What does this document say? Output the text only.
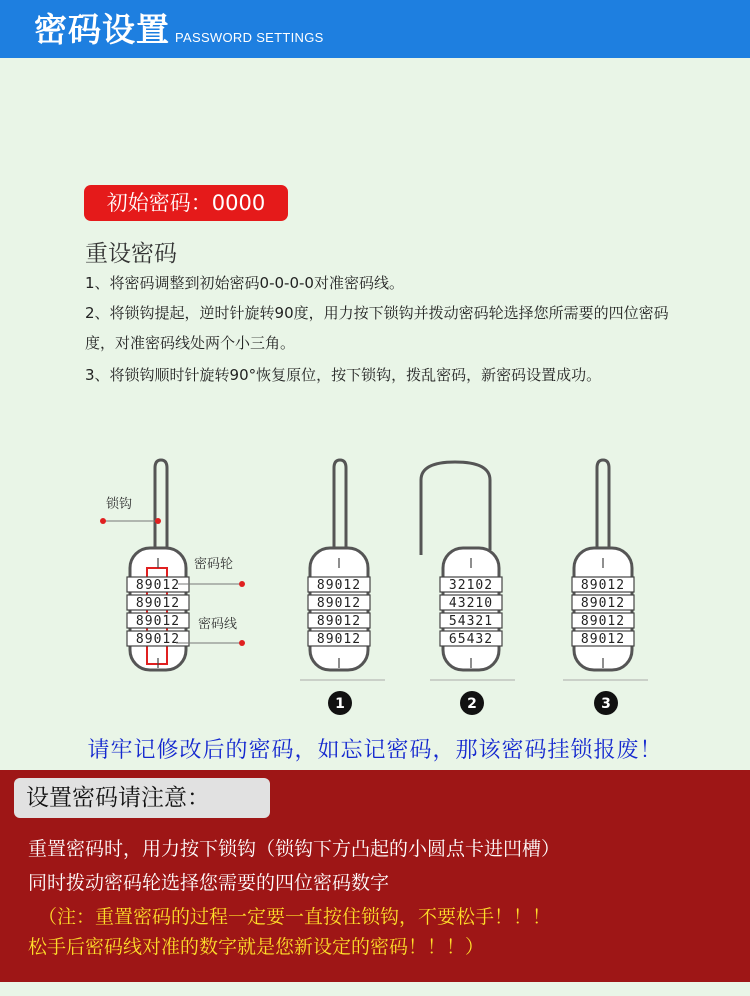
密码设置 PASSWORD SETTINGS
初始密码：0000
重设密码
1、将密码调整到初始密码0-0-0-0对准密码线。
2、将锁钩提起，逆时针旋转90度，用力按下锁钩并拨动密码轮选择您所需要的四位密码度，对准密码线处两个小三角。
3、将锁钩顺时针旋转90°恢复原位，按下锁钩，拨乱密码，新密码设置成功。
89012
89012
89012
89012
锁钩
密码轮
密码线
89012
89012
89012
89012
32102
43210
54321
65432
89012
89012
89012
89012
1	2	3
请牢记修改后的密码，如忘记密码，那该密码挂锁报废！
设置密码请注意：
重置密码时，用力按下锁钩（锁钩下方凸起的小圆点卡进凹槽）
同时拨动密码轮选择您需要的四位密码数字
（注：重置密码的过程一定要一直按住锁钩，不要松手！！！
松手后密码线对准的数字就是您新设定的密码！！！）
